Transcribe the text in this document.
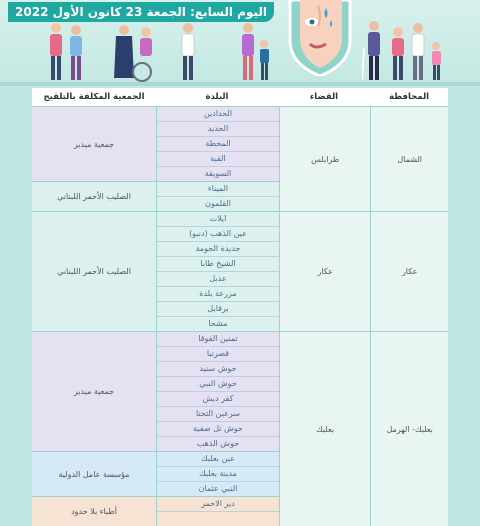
اليوم السابع: الجمعة 23 كانون الأول 2022
المحافظة
القضاء
البلدة
الجمعية المكلفة بالتلقيح
الشمال
طرابلس
الحدادين
الحديد
المحطة
القبة
السويقة
جمعية ميدير
الميناء
القلمون
الصليب الأحمر اللبناني
عكار
عكار
ايلات
عين الذهب (دنبو)
جديدة الجومة
الشيخ طابا
عدبل
مزرعة بلدة
برقايل
مشحا
الصليب الأحمر اللبناني
بعلبك- الهرمل
بعلبك
تمنين الفوقا
قصرنبا
حوش سنيد
حوش النبي
كفر دبش
سرعين التحتا
حوش تل صفية
حوش الذهب
جمعية ميدير
عين بعلبك
مدينة بعلبك
النبي عثمان
مؤسسة عامل الدولية
دير الاحمر
أطباء بلا حدود
